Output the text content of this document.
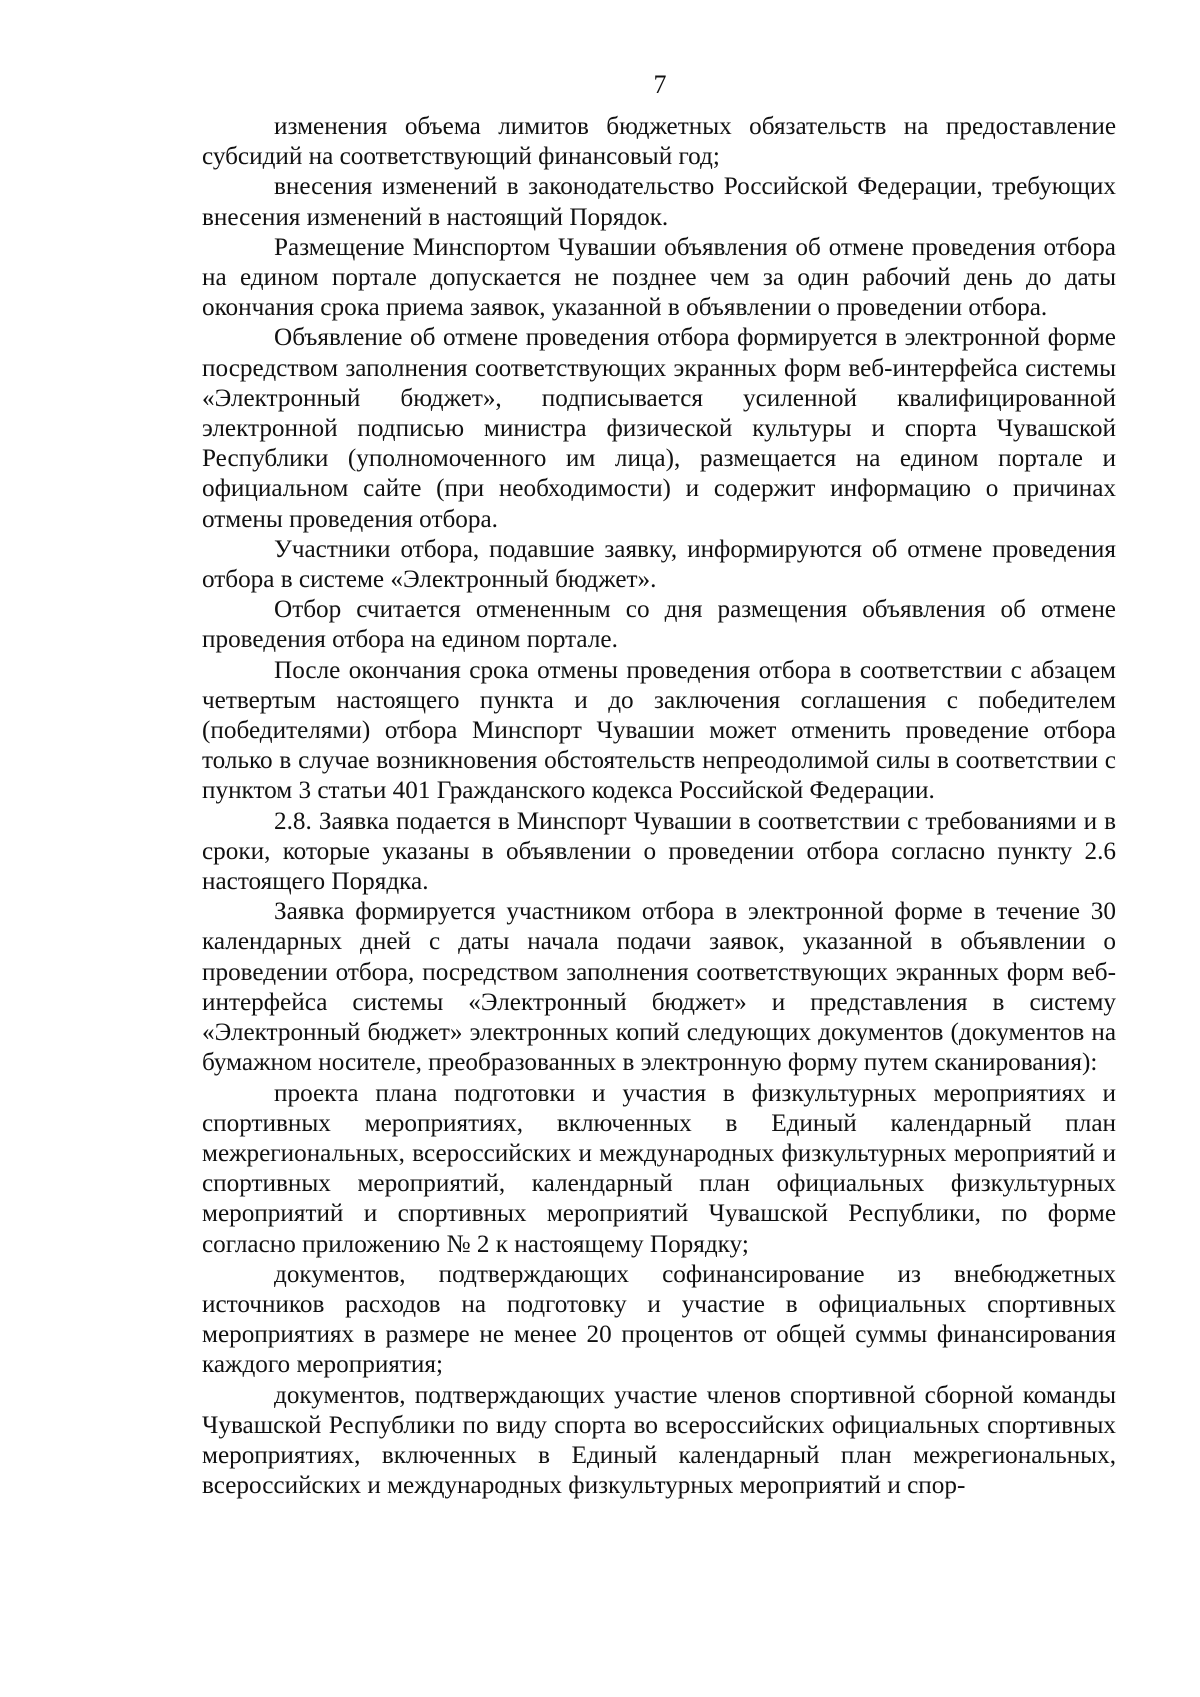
7

изменения объема лимитов бюджетных обязательств на предоставление субсидий на соответствующий финансовый год;

внесения изменений в законодательство Российской Федерации, требующих внесения изменений в настоящий Порядок.

Размещение Минспортом Чувашии объявления об отмене проведения отбора на едином портале допускается не позднее чем за один рабочий день до даты окончания срока приема заявок, указанной в объявлении о проведении отбора.

Объявление об отмене проведения отбора формируется в электронной форме посредством заполнения соответствующих экранных форм веб-интерфейса системы «Электронный бюджет», подписывается усиленной квалифицированной электронной подписью министра физической культуры и спорта Чувашской Республики (уполномоченного им лица), размещается на едином портале и официальном сайте (при необходимости) и содержит информацию о причинах отмены проведения отбора.

Участники отбора, подавшие заявку, информируются об отмене проведения отбора в системе «Электронный бюджет».

Отбор считается отмененным со дня размещения объявления об отмене проведения отбора на едином портале.

После окончания срока отмены проведения отбора в соответствии с абзацем четвертым настоящего пункта и до заключения соглашения с победителем (победителями) отбора Минспорт Чувашии может отменить проведение отбора только в случае возникновения обстоятельств непреодолимой силы в соответствии с пунктом 3 статьи 401 Гражданского кодекса Российской Федерации.

2.8. Заявка подается в Минспорт Чувашии в соответствии с требованиями и в сроки, которые указаны в объявлении о проведении отбора согласно пункту 2.6 настоящего Порядка.

Заявка формируется участником отбора в электронной форме в течение 30 календарных дней с даты начала подачи заявок, указанной в объявлении о проведении отбора, посредством заполнения соответствующих экранных форм веб-интерфейса системы «Электронный бюджет» и представления в систему «Электронный бюджет» электронных копий следующих документов (документов на бумажном носителе, преобразованных в электронную форму путем сканирования):

проекта плана подготовки и участия в физкультурных мероприятиях и спортивных мероприятиях, включенных в Единый календарный план межрегиональных, всероссийских и международных физкультурных мероприятий и спортивных мероприятий, календарный план официальных физкультурных мероприятий и спортивных мероприятий Чувашской Республики, по форме согласно приложению № 2 к настоящему Порядку;

документов, подтверждающих софинансирование из внебюджетных источников расходов на подготовку и участие в официальных спортивных мероприятиях в размере не менее 20 процентов от общей суммы финансирования каждого мероприятия;

документов, подтверждающих участие членов спортивной сборной команды Чувашской Республики по виду спорта во всероссийских официальных спортивных мероприятиях, включенных в Единый календарный план межрегиональных, всероссийских и международных физкультурных мероприятий и спор-
